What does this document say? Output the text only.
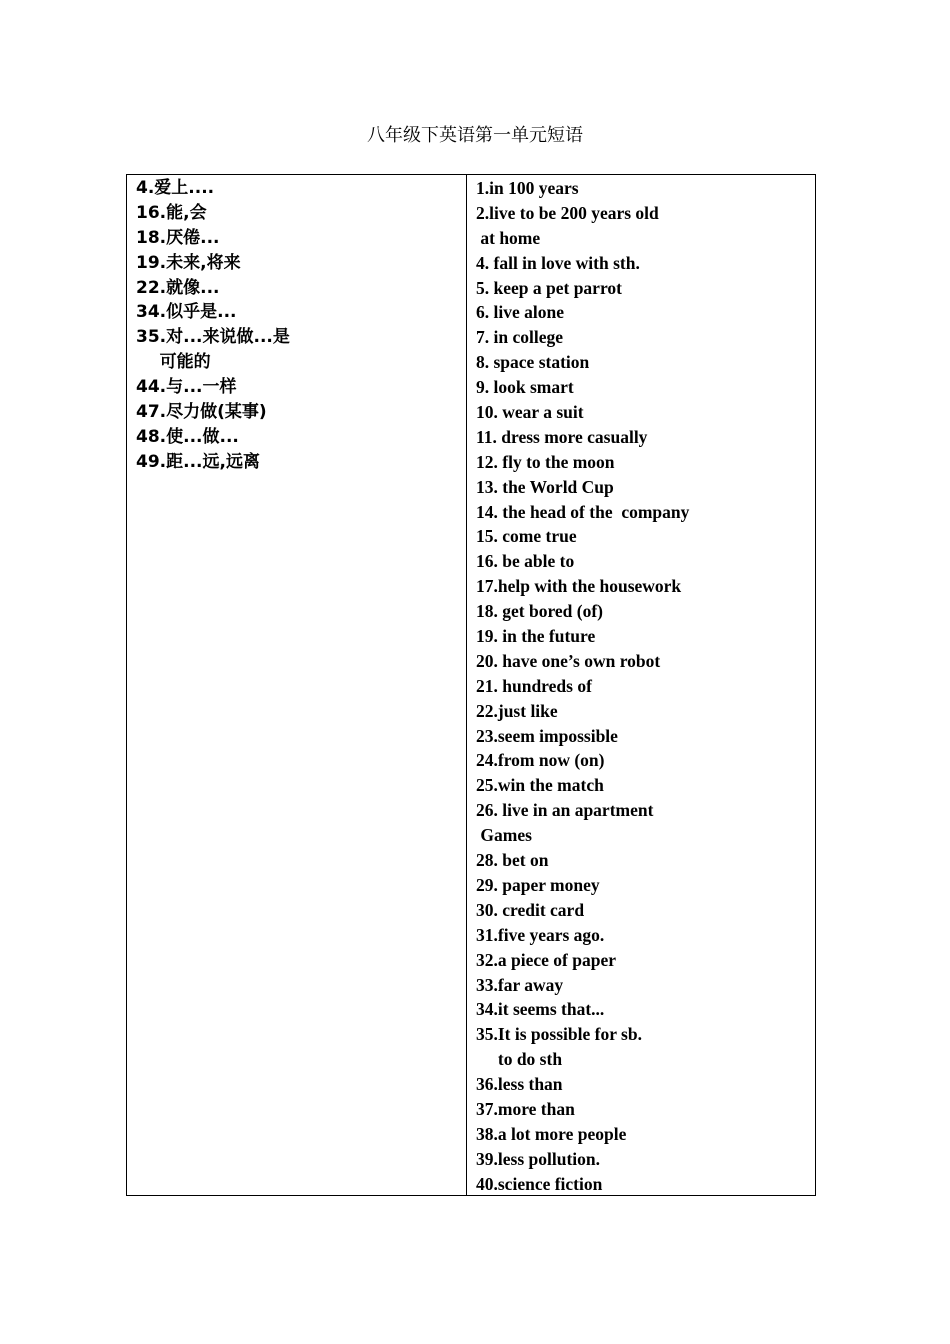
八年级下英语第一单元短语
4.爱上....
16.能,会
18.厌倦...
19.未来,将来
22.就像...
34.似乎是...
35.对...来说做...是
可能的
44.与...一样
47.尽力做(某事)
48.使...做...
49.距...远,远离
1.in 100 years
2.live to be 200 years old
at home
4. fall in love with sth.
5. keep a pet parrot
6. live alone
7. in college
8. space station
9. look smart
10. wear a suit
11. dress more casually
12. fly to the moon
13. the World Cup
14. the head of the  company
15. come true
16. be able to
17.help with the housework
18. get bored (of)
19. in the future
20. have one’s own robot
21. hundreds of
22.just like
23.seem impossible
24.from now (on)
25.win the match
26. live in an apartment
Games
28. bet on
29. paper money
30. credit card
31.five years ago.
32.a piece of paper
33.far away
34.it seems that...
35.It is possible for sb.
to do sth
36.less than
37.more than
38.a lot more people
39.less pollution.
40.science fiction
